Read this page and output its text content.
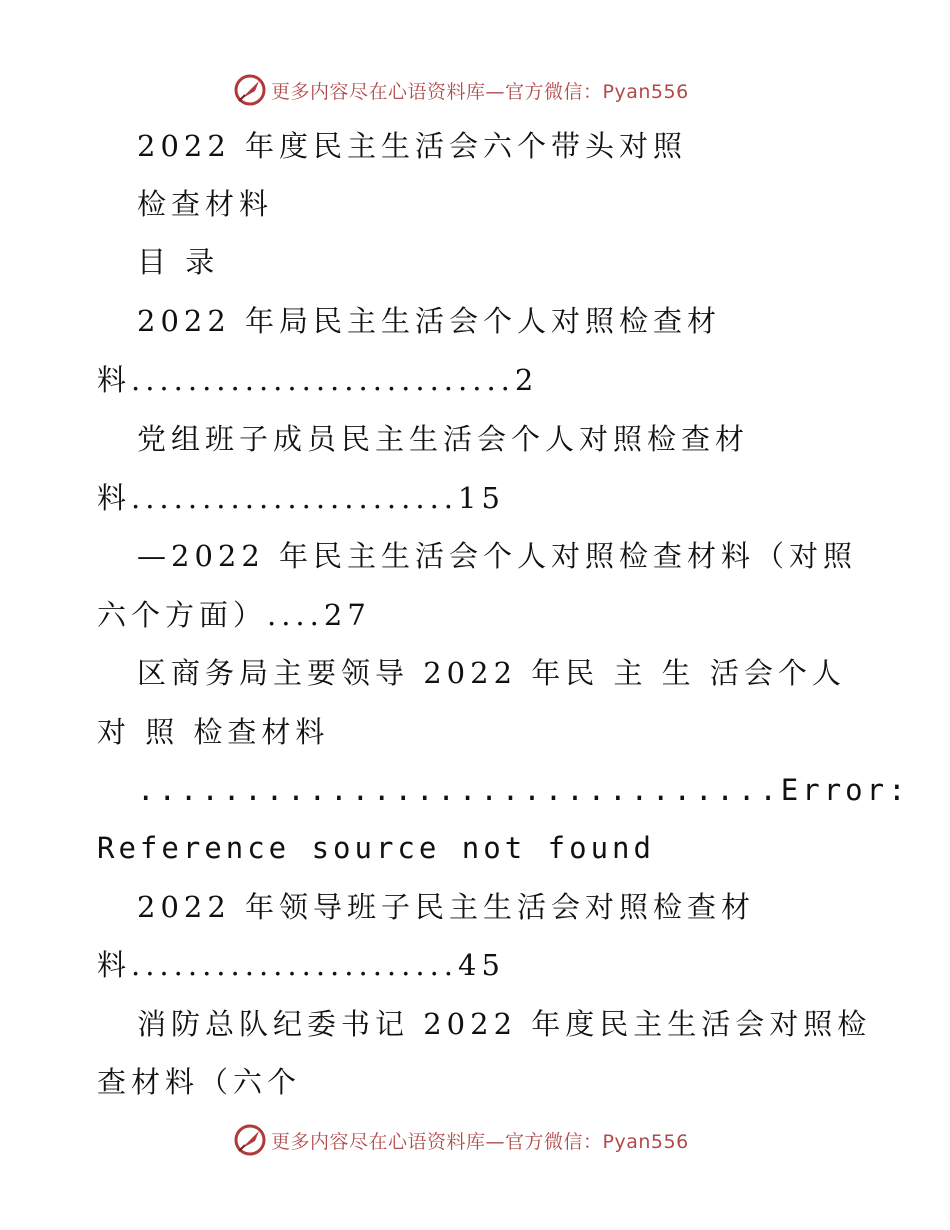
更多内容尽在心语资料库—官方微信：Pyan556
2022 年度民主生活会六个带头对照
检查材料
目 录
2022 年局民主生活会个人对照检查材
料...........................2
党组班子成员民主生活会个人对照检查材
料.......................15
—2022 年民主生活会个人对照检查材料（对照
六个方面）....27
区商务局主要领导 2022 年民 主 生 活会个人
对 照 检查材料
..............................Error:
Reference source not found
2022 年领导班子民主生活会对照检查材
料.......................45
消防总队纪委书记 2022 年度民主生活会对照检
查材料（六个
更多内容尽在心语资料库—官方微信：Pyan556
